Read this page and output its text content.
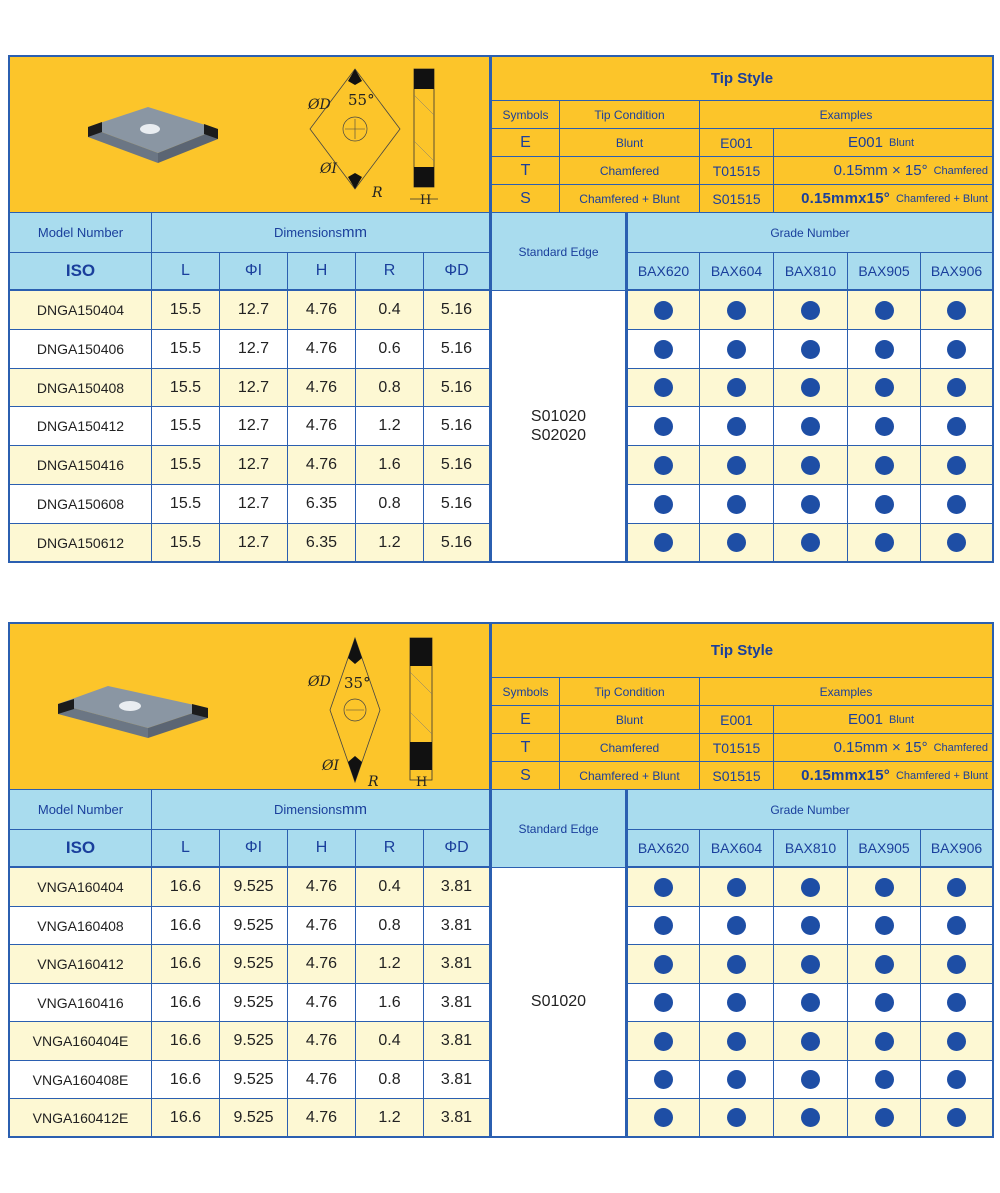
ØD 55°
ØI
R	H
Tip Style
Symbols	Tip Condition	Examples
E	Blunt	E001	E001 Blunt
T	Chamfered	T01515	0.15mm × 15° Chamfered
S	Chamfered + Blunt	S01515	0.15mmx15° Chamfered + Blunt
Model Number	Dimensions mm
Standard Edge
Grade Number
ISO	L	ΦI	H	R	ΦD	BAX620	BAX604	BAX810	BAX905	BAX906
DNGA150404	15.5	12.7	4.76	0.4	5.16
DNGA150406	15.5	12.7	4.76	0.6	5.16
DNGA150408	15.5	12.7	4.76	0.8	5.16
DNGA150412	15.5	12.7	4.76	1.2	5.16
DNGA150416	15.5	12.7	4.76	1.6	5.16
DNGA150608	15.5	12.7	6.35	0.8	5.16
DNGA150612	15.5	12.7	6.35	1.2	5.16
S01020
S02020
ØD 35°
ØI
R	H
Tip Style
Symbols	Tip Condition	Examples
E	Blunt	E001	E001 Blunt
T	Chamfered	T01515	0.15mm × 15° Chamfered
S	Chamfered + Blunt	S01515	0.15mmx15° Chamfered + Blunt
Model Number	Dimensions mm
Standard Edge
Grade Number
ISO	L	ΦI	H	R	ΦD	BAX620	BAX604	BAX810	BAX905	BAX906
VNGA160404	16.6	9.525	4.76	0.4	3.81
VNGA160408	16.6	9.525	4.76	0.8	3.81
VNGA160412	16.6	9.525	4.76	1.2	3.81
VNGA160416	16.6	9.525	4.76	1.6	3.81
VNGA160404E	16.6	9.525	4.76	0.4	3.81
VNGA160408E	16.6	9.525	4.76	0.8	3.81
VNGA160412E	16.6	9.525	4.76	1.2	3.81
S01020
